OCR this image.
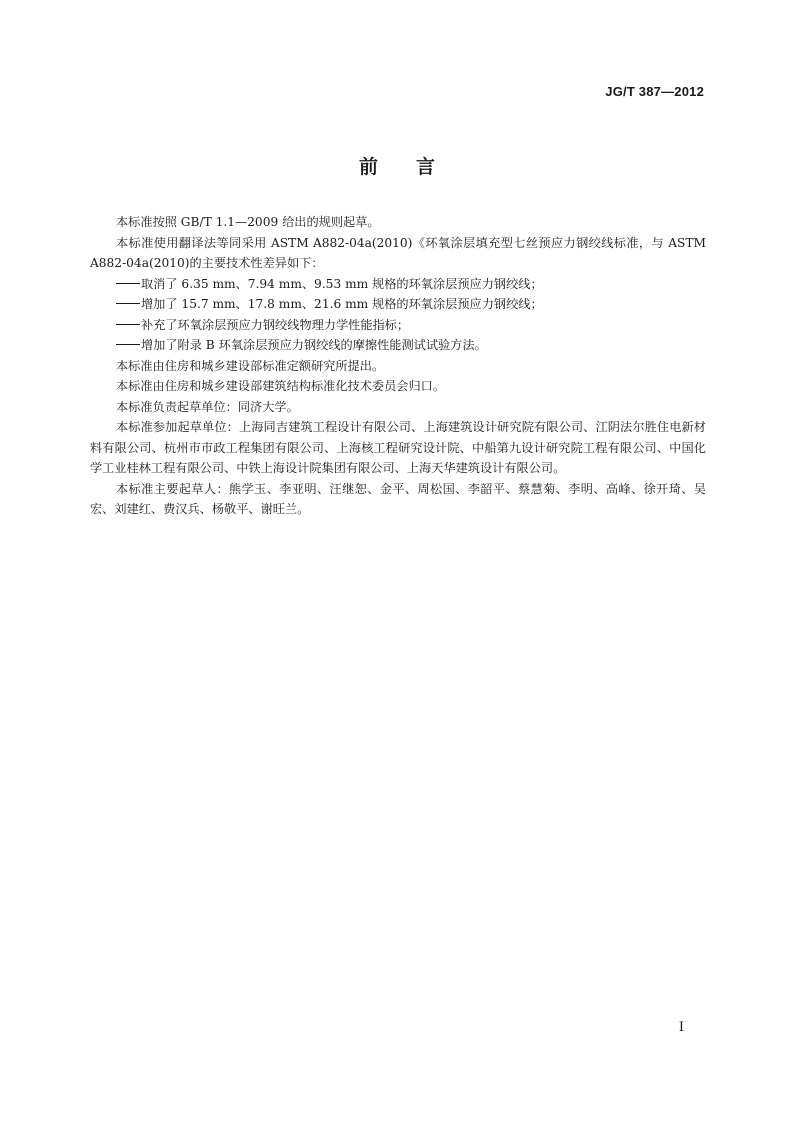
JG/T 387—2012
前言

本标准按照 GB/T 1.1—2009 给出的规则起草。

本标准使用翻译法等同采用 ASTM A882-04a(2010)《环氧涂层填充型七丝预应力钢绞线标准，与 ASTM A882-04a(2010)的主要技术性差异如下：

取消了 6.35 mm、7.94 mm、9.53 mm 规格的环氧涂层预应力钢绞线；

增加了 15.7 mm、17.8 mm、21.6 mm 规格的环氧涂层预应力钢绞线；

补充了环氧涂层预应力钢绞线物理力学性能指标；

增加了附录 B 环氧涂层预应力钢绞线的摩擦性能测试试验方法。

本标准由住房和城乡建设部标准定额研究所提出。

本标准由住房和城乡建设部建筑结构标准化技术委员会归口。

本标准负责起草单位：同济大学。

本标准参加起草单位：上海同吉建筑工程设计有限公司、上海建筑设计研究院有限公司、江阴法尔胜住电新材料有限公司、杭州市市政工程集团有限公司、上海核工程研究设计院、中船第九设计研究院工程有限公司、中国化学工业桂林工程有限公司、中铁上海设计院集团有限公司、上海天华建筑设计有限公司。

本标准主要起草人：熊学玉、李亚明、汪继恕、金平、周松国、李韶平、蔡慧菊、李明、高峰、徐开琦、吴宏、刘建红、费汉兵、杨敬平、谢旺兰。

I
